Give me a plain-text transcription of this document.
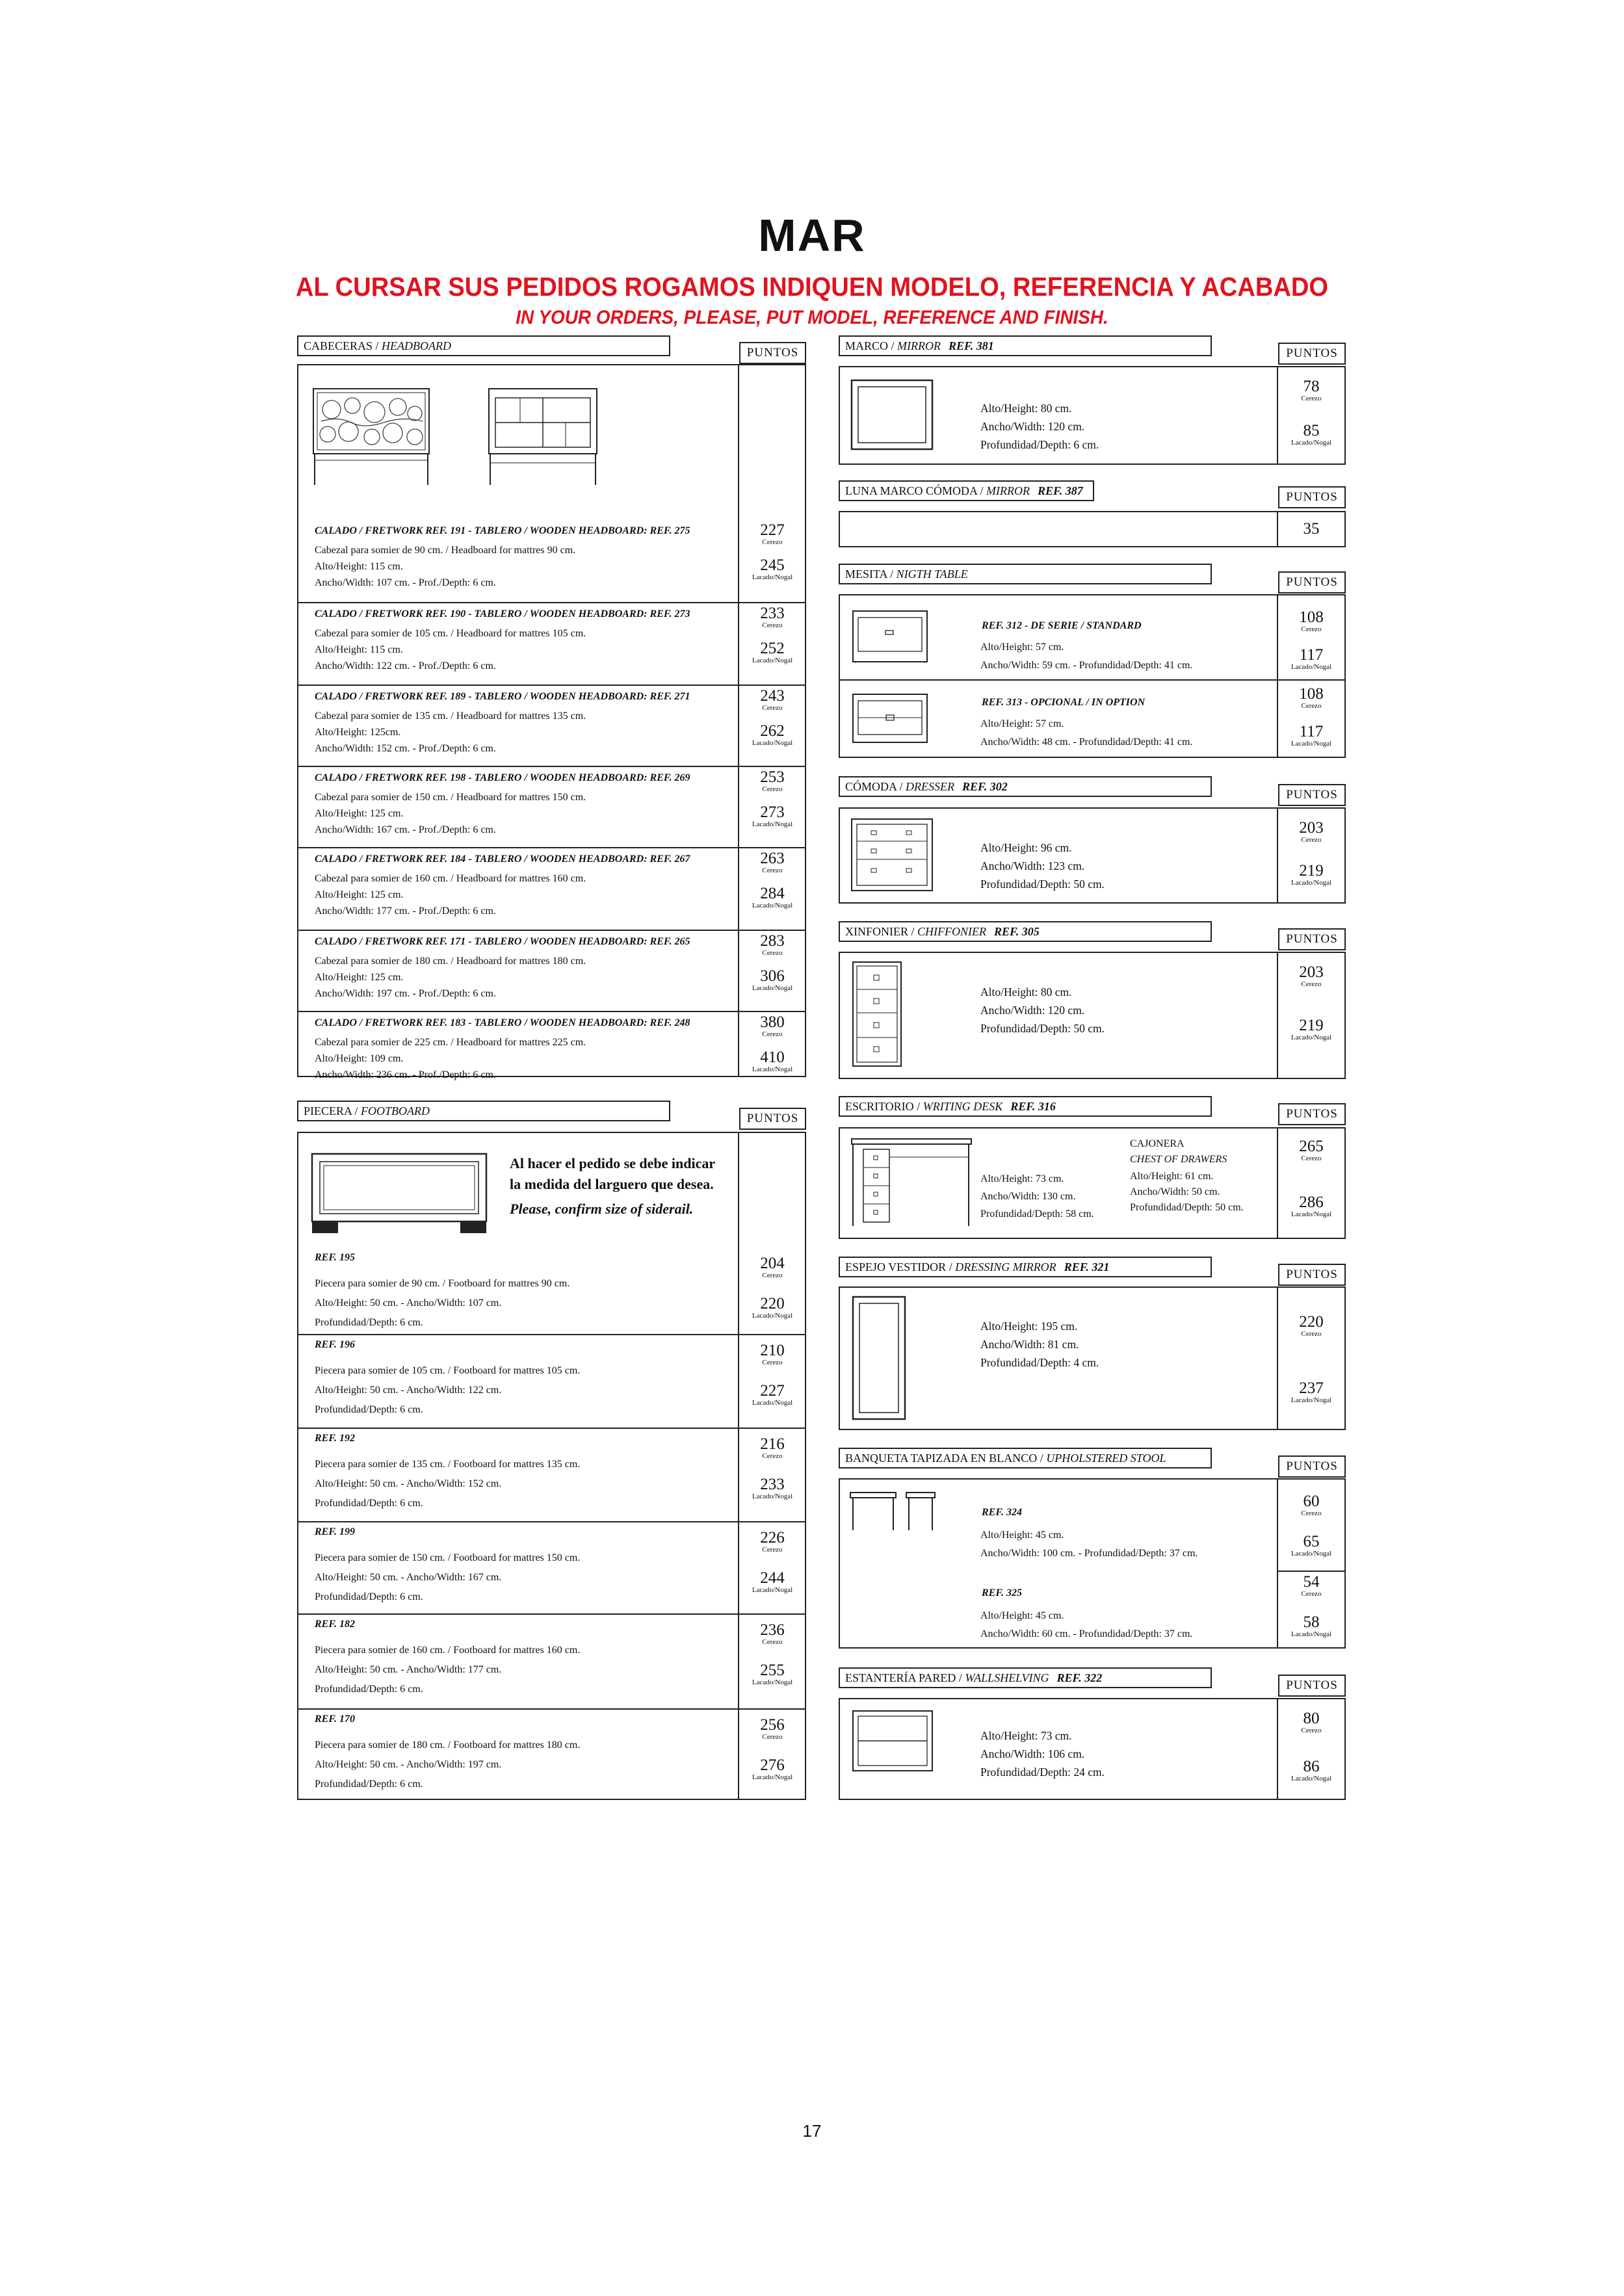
MAR
AL CURSAR SUS PEDIDOS ROGAMOS INDIQUEN MODELO, REFERENCIA Y ACABADO
IN YOUR ORDERS, PLEASE, PUT MODEL, REFERENCE AND FINISH.
CABECERAS / HEADBOARD	PUNTOS
CALADO / FRETWORK REF. 191 - TABLERO / WOODEN HEADBOARD: REF. 275
Cabezal para somier de 90 cm. / Headboard for mattres 90 cm.
Alto/Height: 115 cm.
Ancho/Width: 107 cm. - Prof./Depth: 6 cm.
227
Cerezo
245
Lacado/Nogal
CALADO / FRETWORK REF. 190 - TABLERO / WOODEN HEADBOARD: REF. 273
Cabezal para somier de 105 cm. / Headboard for mattres 105 cm.
Alto/Height: 115 cm.
Ancho/Width: 122 cm. - Prof./Depth: 6 cm.
233
Cerezo
252
Lacado/Nogal
CALADO / FRETWORK REF. 189 - TABLERO / WOODEN HEADBOARD: REF. 271
Cabezal para somier de 135 cm. / Headboard for mattres 135 cm.
Alto/Height: 125cm.
Ancho/Width: 152 cm. - Prof./Depth: 6 cm.
243
Cerezo
262
Lacado/Nogal
CALADO / FRETWORK REF. 198 - TABLERO / WOODEN HEADBOARD: REF. 269
Cabezal para somier de 150 cm. / Headboard for mattres 150 cm.
Alto/Height: 125 cm.
Ancho/Width: 167 cm. - Prof./Depth: 6 cm.
253
Cerezo
273
Lacado/Nogal
CALADO / FRETWORK REF. 184 - TABLERO / WOODEN HEADBOARD: REF. 267
Cabezal para somier de 160 cm. / Headboard for mattres 160 cm.
Alto/Height: 125 cm.
Ancho/Width: 177 cm. - Prof./Depth: 6 cm.
263
Cerezo
284
Lacado/Nogal
CALADO / FRETWORK REF. 171 - TABLERO / WOODEN HEADBOARD: REF. 265
Cabezal para somier de 180 cm. / Headboard for mattres 180 cm.
Alto/Height: 125 cm.
Ancho/Width: 197 cm. - Prof./Depth: 6 cm.
283
Cerezo
306
Lacado/Nogal
CALADO / FRETWORK REF. 183 - TABLERO / WOODEN HEADBOARD: REF. 248
Cabezal para somier de 225 cm. / Headboard for mattres 225 cm.
Alto/Height: 109 cm.
Ancho/Width: 236 cm. - Prof./Depth: 6 cm.
380
Cerezo
410
Lacado/Nogal
PIECERA / FOOTBOARD
PUNTOS
Al hacer el pedido se debe indicar
la medida del larguero que desea.
Please, confirm size of siderail.
REF. 195
Piecera para somier de 90 cm. / Footboard for mattres 90 cm.
Alto/Height: 50 cm. - Ancho/Width: 107 cm.
Profundidad/Depth: 6 cm.
204
Cerezo
220
Lacado/Nogal
REF. 196
Piecera para somier de 105 cm. / Footboard for mattres 105 cm.
Alto/Height: 50 cm. - Ancho/Width: 122 cm.
Profundidad/Depth: 6 cm.
210
Cerezo
227
Lacado/Nogal
REF. 192
Piecera para somier de 135 cm. / Footboard for mattres 135 cm.
Alto/Height: 50 cm. - Ancho/Width: 152 cm.
Profundidad/Depth: 6 cm.
216
Cerezo
233
Lacado/Nogal
REF. 199
Piecera para somier de 150 cm. / Footboard for mattres 150 cm.
Alto/Height: 50 cm. - Ancho/Width: 167 cm.
Profundidad/Depth: 6 cm.
226
Cerezo
244
Lacado/Nogal
REF. 182
Piecera para somier de 160 cm. / Footboard for mattres 160 cm.
Alto/Height: 50 cm. - Ancho/Width: 177 cm.
Profundidad/Depth: 6 cm.
236
Cerezo
255
Lacado/Nogal
REF. 170
Piecera para somier de 180 cm. / Footboard for mattres 180 cm.
Alto/Height: 50 cm. - Ancho/Width: 197 cm.
Profundidad/Depth: 6 cm.
256
Cerezo
276
Lacado/Nogal
MARCO / MIRROR REF. 381
PUNTOS
Alto/Height: 80 cm.
Ancho/Width: 120 cm.
Profundidad/Depth: 6 cm.
78
Cerezo
85
Lacado/Nogal
LUNA MARCO CÓMODA / MIRROR REF. 387	PUNTOS
35
MESITA / NIGTH TABLE
PUNTOS
REF. 312 - DE SERIE / STANDARD
Alto/Height: 57 cm.
Ancho/Width: 59 cm. - Profundidad/Depth: 41 cm.
108
Cerezo
117
Lacado/Nogal
REF. 313 - OPCIONAL / IN OPTION
Alto/Height: 57 cm.
Ancho/Width: 48 cm. - Profundidad/Depth: 41 cm.
108
Cerezo
117
Lacado/Nogal
CÓMODA / DRESSER REF. 302
PUNTOS
Alto/Height: 96 cm.
Ancho/Width: 123 cm.
Profundidad/Depth: 50 cm.
203
Cerezo
219
Lacado/Nogal
XINFONIER / CHIFFONIER REF. 305
PUNTOS
Alto/Height: 80 cm.
Ancho/Width: 120 cm.
Profundidad/Depth: 50 cm.
203
Cerezo
219
Lacado/Nogal
ESCRITORIO / WRITING DESK REF. 316
PUNTOS
Alto/Height: 73 cm.
Ancho/Width: 130 cm.
Profundidad/Depth: 58 cm.
CAJONERA
CHEST OF DRAWERS
Alto/Height: 61 cm.
Ancho/Width: 50 cm.
Profundidad/Depth: 50 cm.
265
Cerezo
286
Lacado/Nogal
ESPEJO VESTIDOR / DRESSING MIRROR REF. 321
PUNTOS
Alto/Height: 195 cm.
Ancho/Width: 81 cm.
Profundidad/Depth: 4 cm.
220
Cerezo
237
Lacado/Nogal
BANQUETA TAPIZADA EN BLANCO / UPHOLSTERED STOOL
PUNTOS
REF. 324
Alto/Height: 45 cm.
Ancho/Width: 100 cm. - Profundidad/Depth: 37 cm.
60
Cerezo
65
Lacado/Nogal
REF. 325
Alto/Height: 45 cm.
Ancho/Width: 60 cm. - Profundidad/Depth: 37 cm.
54
Cerezo
58
Lacado/Nogal
ESTANTERÍA PARED / WALLSHELVING REF. 322
PUNTOS
Alto/Height: 73 cm.
Ancho/Width: 106 cm.
Profundidad/Depth: 24 cm.
80
Cerezo
86
Lacado/Nogal
17
